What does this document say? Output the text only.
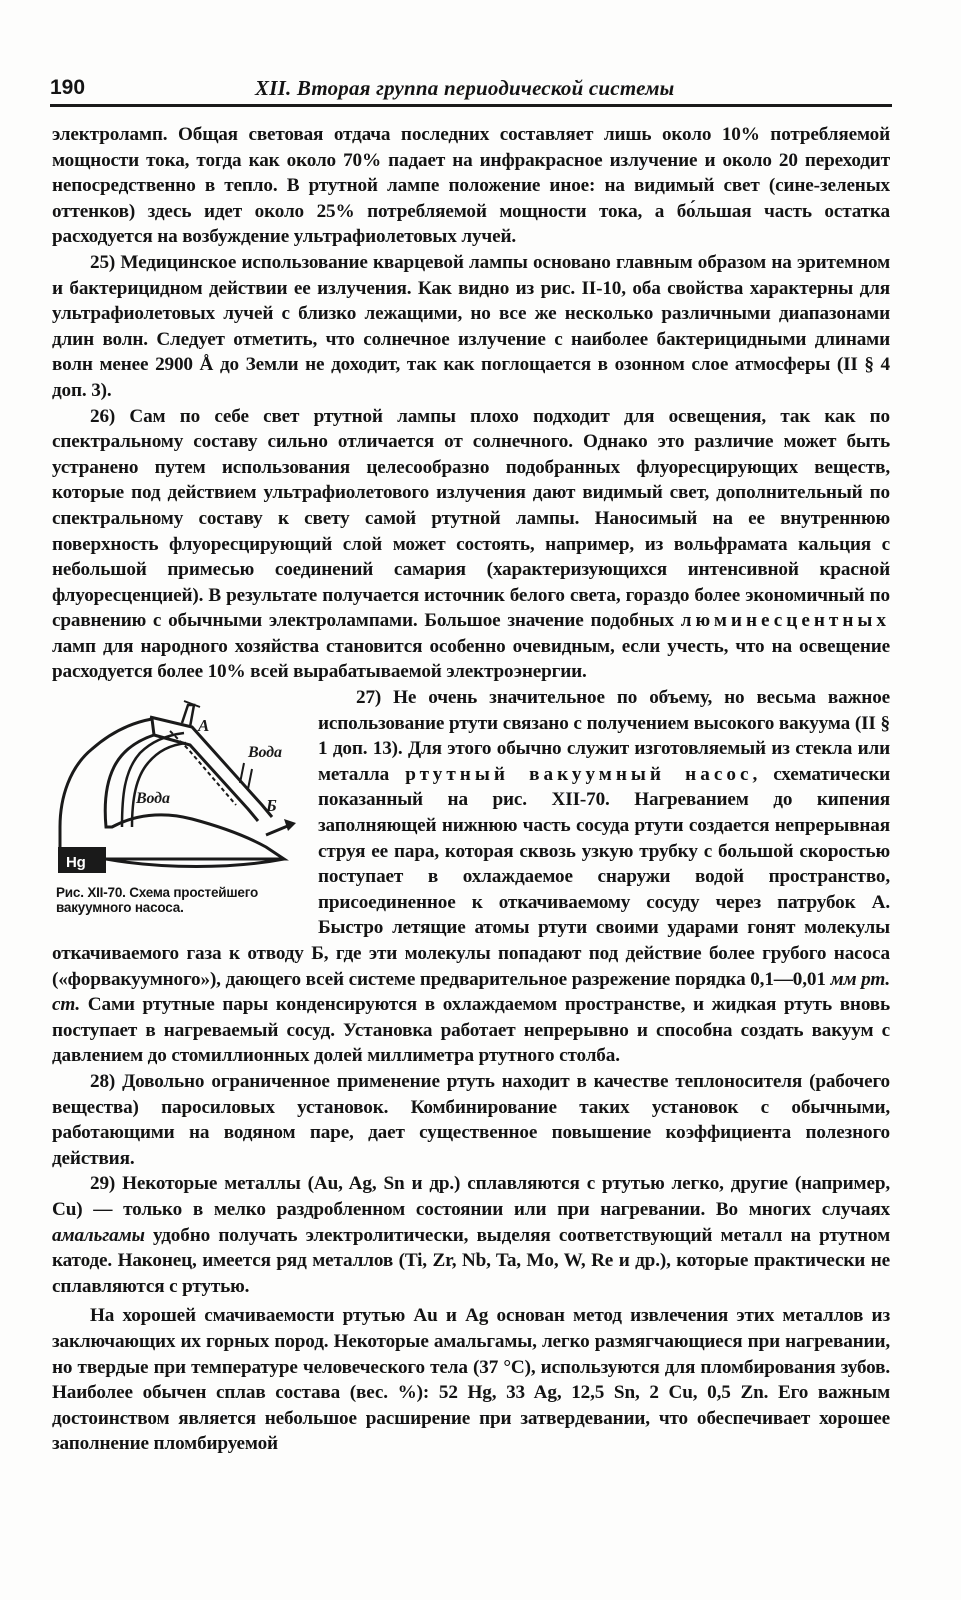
190	XII. Вторая группа периодической системы

электроламп. Общая световая отдача последних составляет лишь около 10% потребляемой мощности тока, тогда как около 70% падает на инфракрасное излучение и около 20 переходит непосредственно в тепло. В ртутной лампе положение иное: на видимый свет (сине-зеленых оттенков) здесь идет около 25% потребляемой мощности тока, а бо́льшая часть остатка расходуется на возбуждение ультрафиолетовых лучей.

25) Медицинское использование кварцевой лампы основано главным образом на эритемном и бактерицидном действии ее излучения. Как видно из рис. II-10, оба свойства характерны для ультрафиолетовых лучей с близко лежащими, но все же несколько различными диапазонами длин волн. Следует отметить, что солнечное излучение с наиболее бактерицидными длинами волн менее 2900 Å до Земли не доходит, так как поглощается в озонном слое атмосферы (II § 4 доп. 3).

26) Сам по себе свет ртутной лампы плохо подходит для освещения, так как по спектральному составу сильно отличается от солнечного. Однако это различие может быть устранено путем использования целесообразно подобранных флуоресцирующих веществ, которые под действием ультрафиолетового излучения дают видимый свет, дополнительный по спектральному составу к свету самой ртутной лампы. Наносимый на ее внутреннюю поверхность флуоресцирующий слой может состоять, например, из вольфрамата кальция с небольшой примесью соединений самария (характеризующихся интенсивной красной флуоресценцией). В результате получается источник белого света, гораздо более экономичный по сравнению с обычными электролампами. Большое значение подобных люминесцентных ламп для народного хозяйства становится особенно очевидным, если учесть, что на освещение расходуется более 10% всей вырабатываемой электроэнергии.

Hg
А
Вода
Вода	Б
Рис. XII-70. Схема простейшего вакуумного насоса.

27) Не очень значительное по объему, но весьма важное использование ртути связано с получением высокого вакуума (II § 1 доп. 13). Для этого обычно служит изготовляемый из стекла или металла ртутный вакуумный насос, схематически показанный на рис. XII-70. Нагреванием до кипения заполняющей нижнюю часть сосуда ртути создается непрерывная струя ее пара, которая сквозь узкую трубку с большой скоростью поступает в охлаждаемое снаружи водой пространство, присоединенное к откачиваемому сосуду через патрубок А. Быстро летящие атомы ртути своими ударами гонят молекулы откачиваемого газа к отводу Б, где эти молекулы попадают под действие более грубого насоса («форвакуумного»), дающего всей системе предварительное разрежение порядка 0,1—0,01 мм рт. ст. Сами ртутные пары конденсируются в охлаждаемом пространстве, и жидкая ртуть вновь поступает в нагреваемый сосуд. Установка работает непрерывно и способна создать вакуум с давлением до стомиллионных долей миллиметра ртутного столба.

28) Довольно ограниченное применение ртуть находит в качестве теплоносителя (рабочего вещества) паросиловых установок. Комбинирование таких установок с обычными, работающими на водяном паре, дает существенное повышение коэффициента полезного действия.

29) Некоторые металлы (Au, Ag, Sn и др.) сплавляются с ртутью легко, другие (например, Cu) — только в мелко раздробленном состоянии или при нагревании. Во многих случаях амальгамы удобно получать электролитически, выделяя соответствующий металл на ртутном катоде. Наконец, имеется ряд металлов (Ti, Zr, Nb, Ta, Mo, W, Re и др.), которые практически не сплавляются с ртутью.

На хорошей смачиваемости ртутью Au и Ag основан метод извлечения этих металлов из заключающих их горных пород. Некоторые амальгамы, легко размягчающиеся при нагревании, но твердые при температуре человеческого тела (37 °С), используются для пломбирования зубов. Наиболее обычен сплав состава (вес. %): 52 Hg, 33 Ag, 12,5 Sn, 2 Cu, 0,5 Zn. Его важным достоинством является небольшое расширение при затвердевании, что обеспечивает хорошее заполнение пломбируемой
